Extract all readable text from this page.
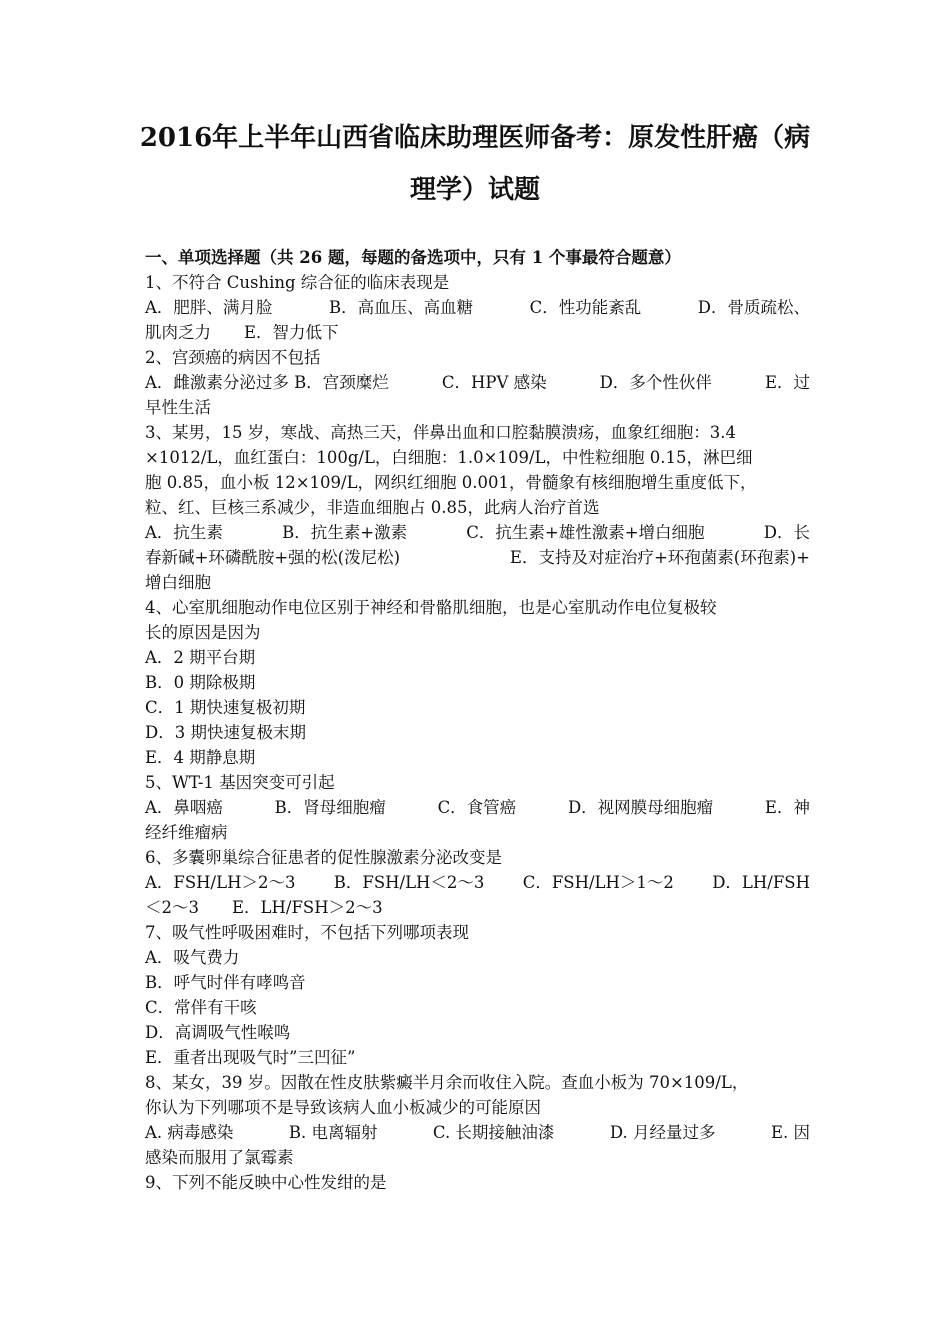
2016年上半年山西省临床助理医师备考：原发性肝癌（病
理学）试题
一、单项选择题（共 26 题，每题的备选项中，只有 1 个事最符合题意）
1、不符合 Cushing 综合征的临床表现是
A．肥胖、满月脸	B．高血压、高血糖	C．性功能紊乱	D．骨质疏松、
肌肉乏力　　E．智力低下
2、宫颈癌的病因不包括
A．雌激素分泌过多 B．宫颈糜烂	C．HPV 感染	D．多个性伙伴	E．过
早性生活
3、某男，15 岁，寒战、高热三天，伴鼻出血和口腔黏膜溃疡，血象红细胞：3.4
×1012/L，血红蛋白：100g/L，白细胞：1.0×109/L，中性粒细胞 0.15，淋巴细
胞 0.85，血小板 12×109/L，网织红细胞 0.001，骨髓象有核细胞增生重度低下，
粒、红、巨核三系减少，非造血细胞占 0.85，此病人治疗首选
A．抗生素	B．抗生素+激素	C．抗生素+雄性激素+增白细胞	D．长
春新碱+环磷酰胺+强的松(泼尼松)	E．支持及对症治疗+环孢菌素(环孢素)+
增白细胞
4、心室肌细胞动作电位区别于神经和骨骼肌细胞，也是心室肌动作电位复极较
长的原因是因为
A．2 期平台期
B．0 期除极期
C．1 期快速复极初期
D．3 期快速复极末期
E．4 期静息期
5、WT-1 基因突变可引起
A．鼻咽癌	B．肾母细胞瘤	C．食管癌	D．视网膜母细胞瘤	E．神
经纤维瘤病
6、多囊卵巢综合征患者的促性腺激素分泌改变是
A．FSH/LH＞2～3 B．FSH/LH＜2～3 C．FSH/LH＞1～2 D．LH/FSH
＜2～3　　E．LH/FSH＞2～3
7、吸气性呼吸困难时，不包括下列哪项表现
A．吸气费力
B．呼气时伴有哮鸣音
C．常伴有干咳
D．高调吸气性喉鸣
E．重者出现吸气时”三凹征”
8、某女，39 岁。因散在性皮肤紫癜半月余而收住入院。查血小板为 70×109/L，
你认为下列哪项不是导致该病人血小板减少的可能原因
A. 病毒感染	B. 电离辐射	C. 长期接触油漆	D. 月经量过多	E. 因
感染而服用了氯霉素
9、下列不能反映中心性发绀的是
